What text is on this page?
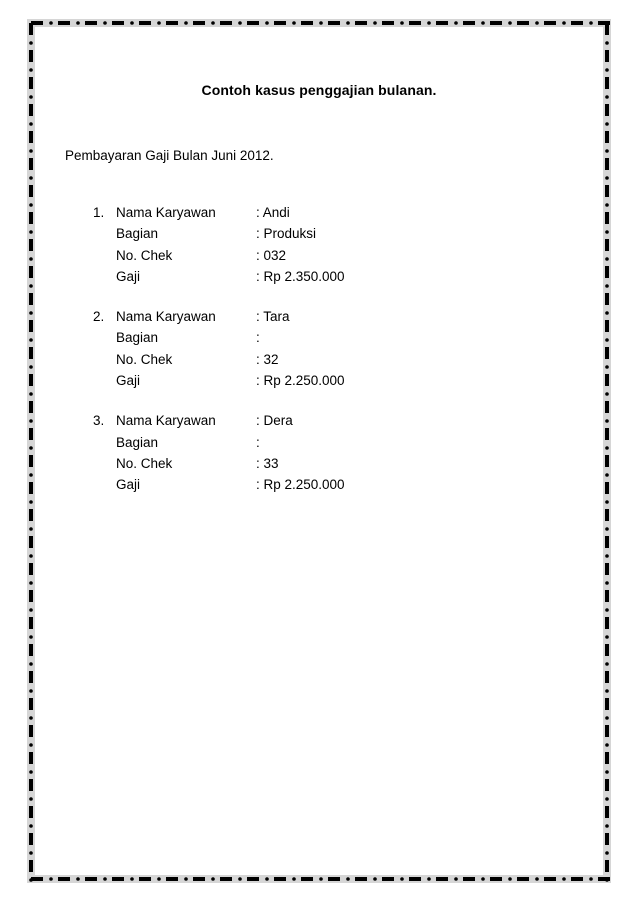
Contoh kasus penggajian bulanan.
Pembayaran Gaji Bulan Juni 2012.
1. Nama Karyawan	: Andi
Bagian	: Produksi
No. Chek	: 032
Gaji	: Rp 2.350.000
2. Nama Karyawan	: Tara
Bagian	:
No. Chek	: 32
Gaji	: Rp 2.250.000
3. Nama Karyawan	: Dera
Bagian	:
No. Chek	: 33
Gaji	: Rp 2.250.000
